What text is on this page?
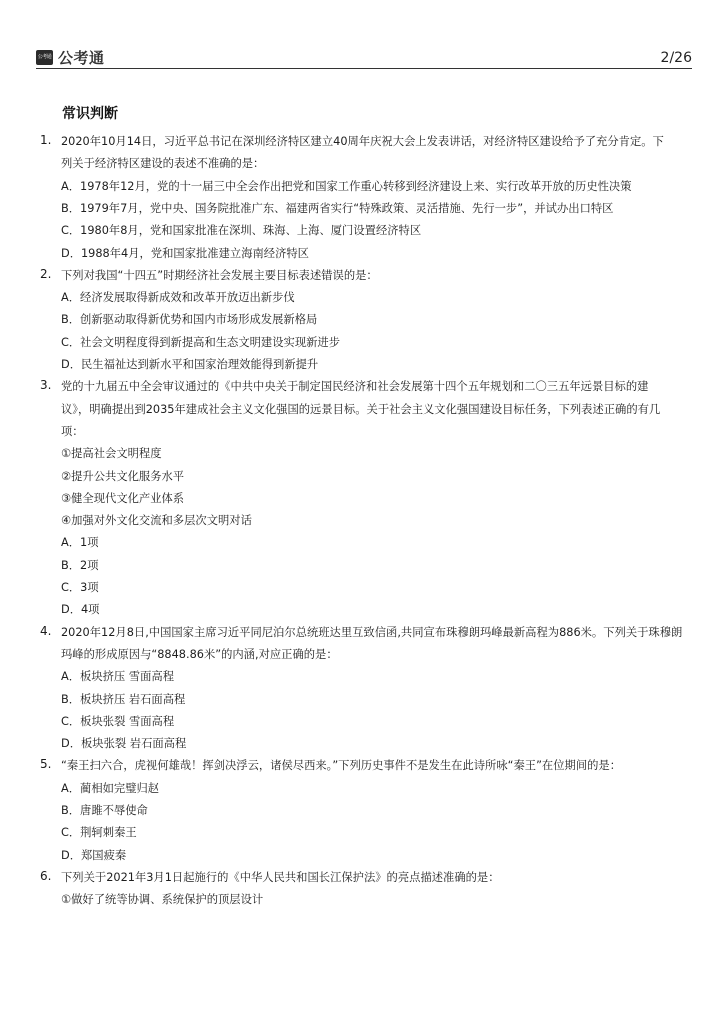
公考通 公考通	2/26
常识判断
1. 2020年10月14日，习近平总书记在深圳经济特区建立40周年庆祝大会上发表讲话，对经济特区建设给予了充分肯定。下
列关于经济特区建设的表述不准确的是：
A．1978年12月，党的十一届三中全会作出把党和国家工作重心转移到经济建设上来、实行改革开放的历史性决策
B．1979年7月，党中央、国务院批准广东、福建两省实行“特殊政策、灵活措施、先行一步”，并试办出口特区
C．1980年8月，党和国家批准在深圳、珠海、上海、厦门设置经济特区
D．1988年4月，党和国家批准建立海南经济特区
2. 下列对我国“十四五”时期经济社会发展主要目标表述错误的是：
A．经济发展取得新成效和改革开放迈出新步伐
B．创新驱动取得新优势和国内市场形成发展新格局
C．社会文明程度得到新提高和生态文明建设实现新进步
D．民生福祉达到新水平和国家治理效能得到新提升
3. 党的十九届五中全会审议通过的《中共中央关于制定国民经济和社会发展第十四个五年规划和二〇三五年远景目标的建
议》，明确提出到2035年建成社会主义文化强国的远景目标。关于社会主义文化强国建设目标任务，下列表述正确的有几
项：
①提高社会文明程度
②提升公共文化服务水平
③健全现代文化产业体系
④加强对外文化交流和多层次文明对话
A．1项
B．2项
C．3项
D．4项
4. 2020年12月8日,中国国家主席习近平同尼泊尔总统班达里互致信函,共同宣布珠穆朗玛峰最新高程为886米。下列关于珠穆朗
玛峰的形成原因与“8848.86米”的内涵,对应正确的是：
A．板块挤压 雪面高程
B．板块挤压 岩石面高程
C．板块张裂 雪面高程
D．板块张裂 岩石面高程
5. “秦王扫六合，虎视何雄哉！挥剑决浮云，诸侯尽西来。”下列历史事件不是发生在此诗所咏“秦王”在位期间的是：
A．蔺相如完璧归赵
B．唐雎不辱使命
C．荆轲刺秦王
D．郑国疲秦
6. 下列关于2021年3月1日起施行的《中华人民共和国长江保护法》的亮点描述准确的是：
①做好了统等协调、系统保护的顶层设计
